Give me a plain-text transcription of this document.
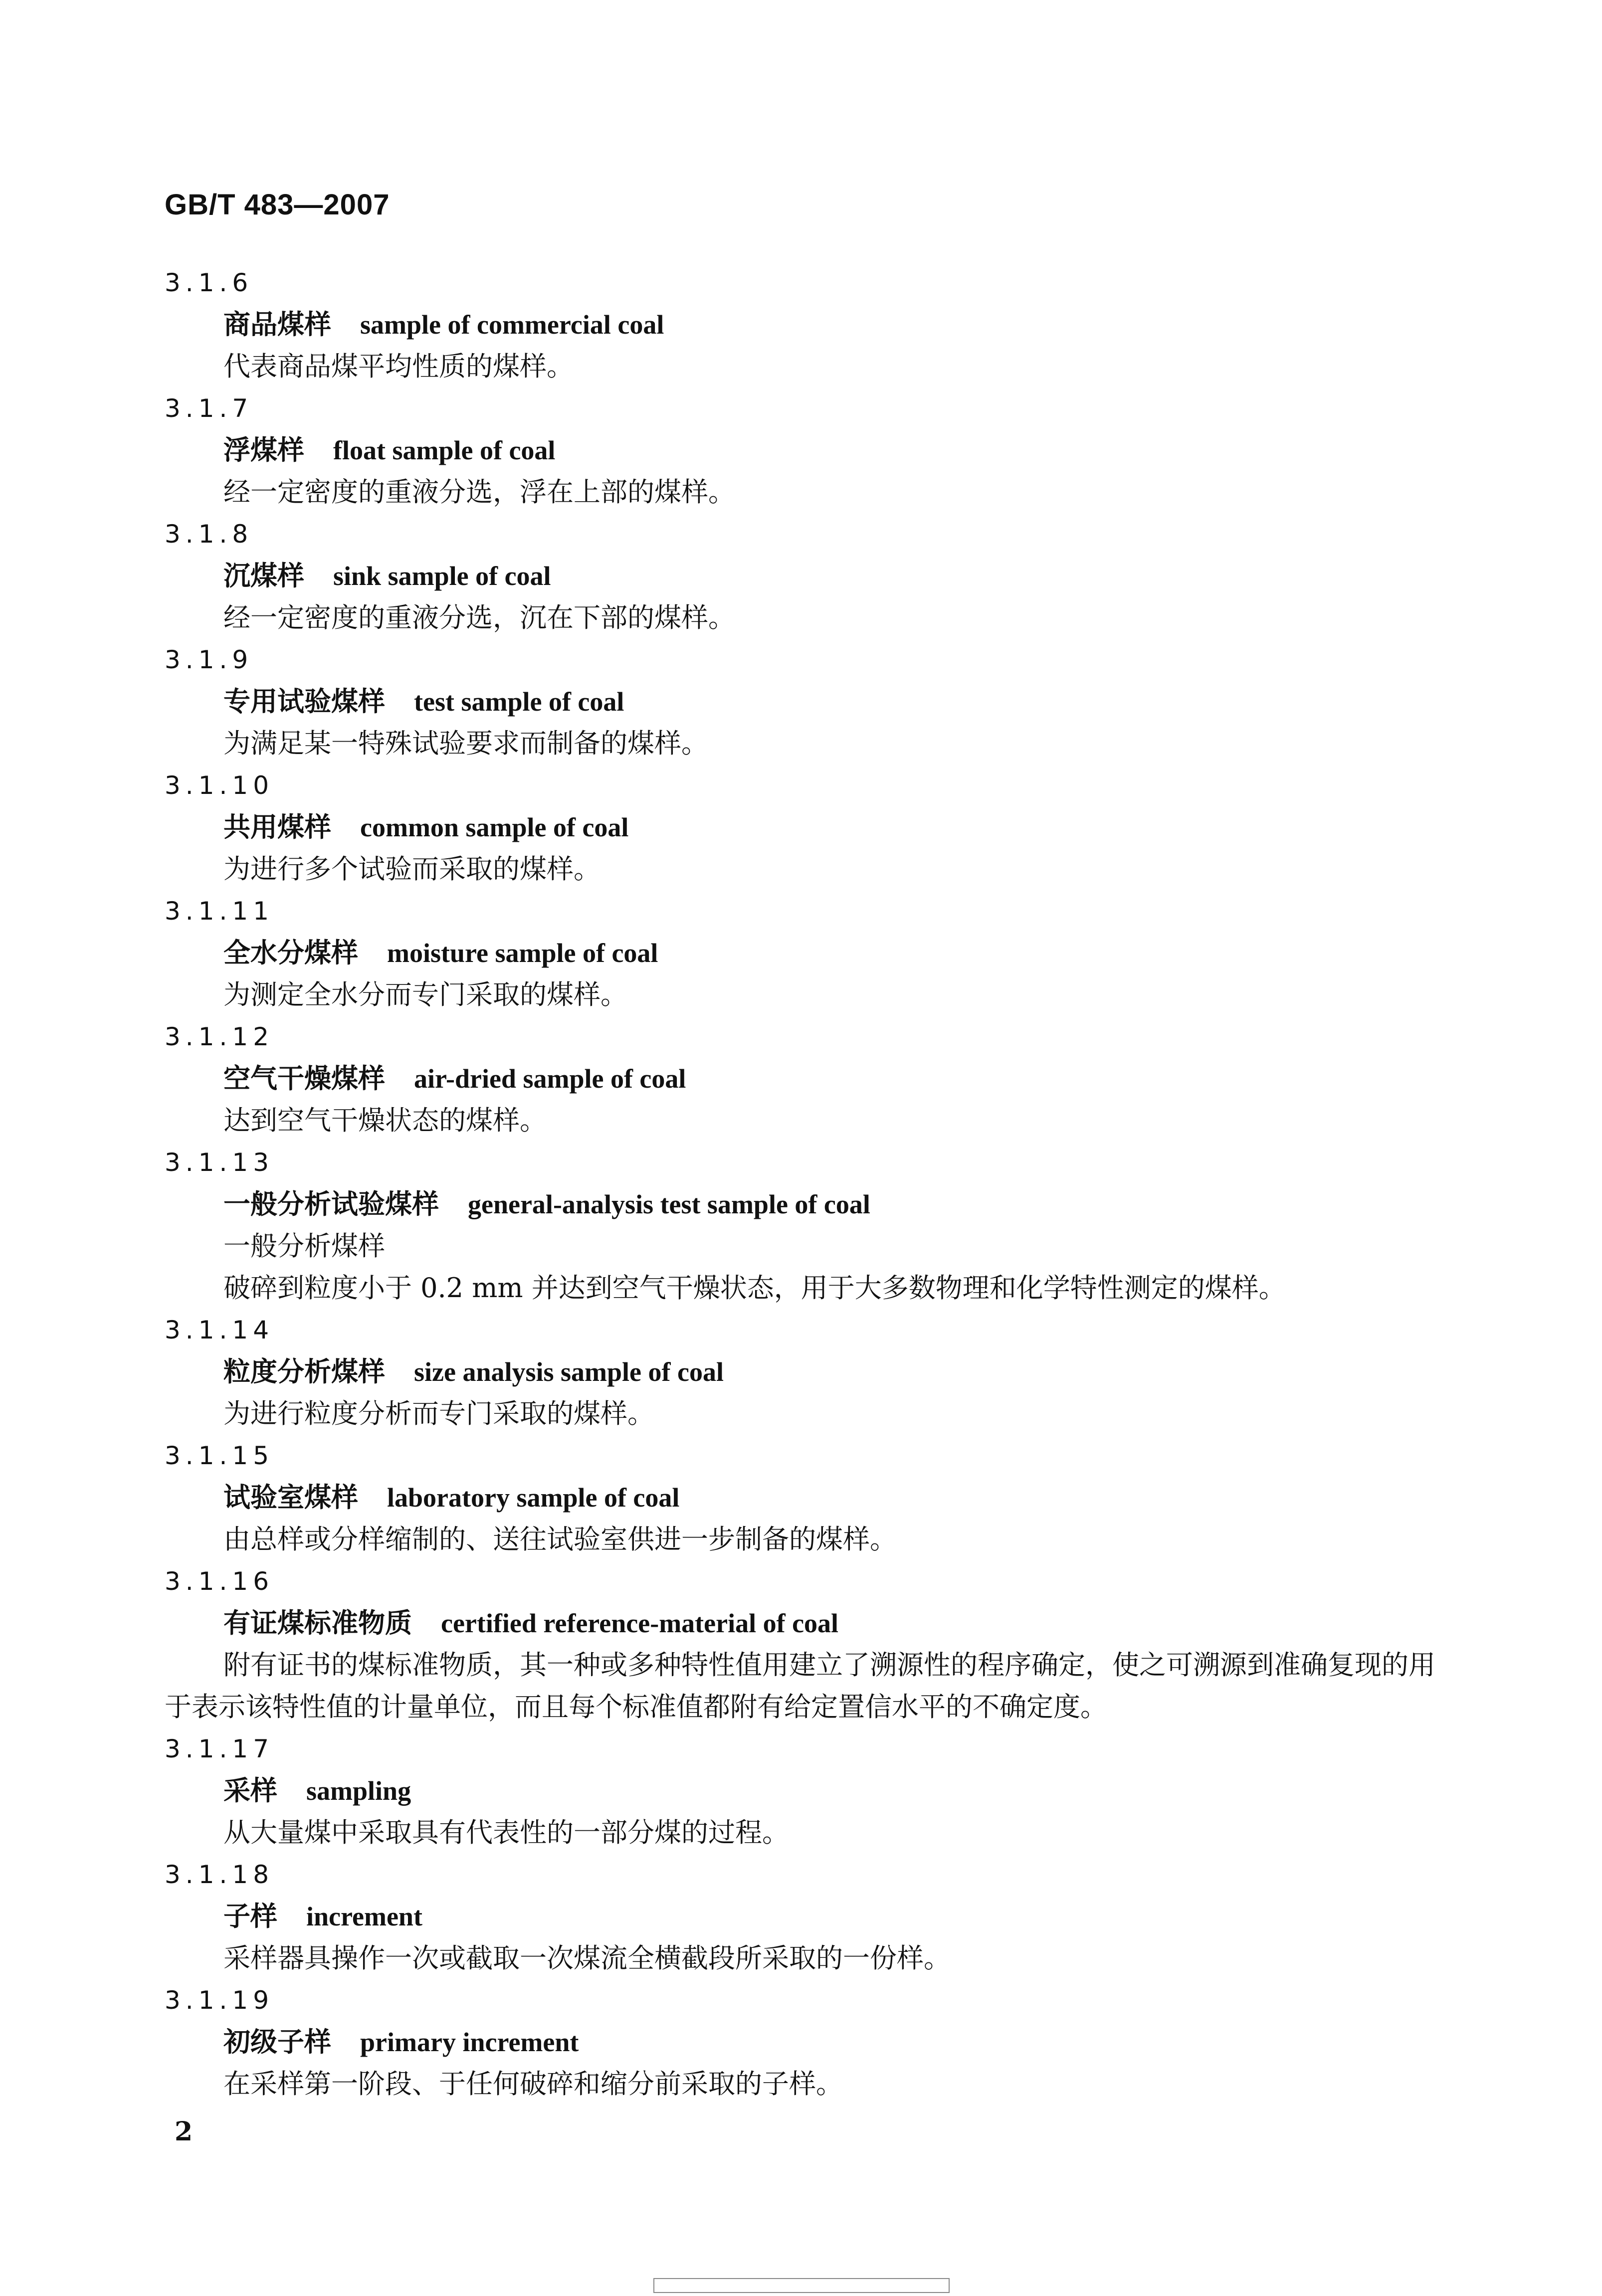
GB/T 483—2007
3.1.6
商品煤样 sample of commercial coal
代表商品煤平均性质的煤样。
3.1.7
浮煤样 float sample of coal
经一定密度的重液分选，浮在上部的煤样。
3.1.8
沉煤样 sink sample of coal
经一定密度的重液分选，沉在下部的煤样。
3.1.9
专用试验煤样 test sample of coal
为满足某一特殊试验要求而制备的煤样。
3.1.10
共用煤样 common sample of coal
为进行多个试验而采取的煤样。
3.1.11
全水分煤样 moisture sample of coal
为测定全水分而专门采取的煤样。
3.1.12
空气干燥煤样 air-dried sample of coal
达到空气干燥状态的煤样。
3.1.13
一般分析试验煤样 general-analysis test sample of coal
一般分析煤样
破碎到粒度小于 0.2 mm 并达到空气干燥状态，用于大多数物理和化学特性测定的煤样。
3.1.14
粒度分析煤样 size analysis sample of coal
为进行粒度分析而专门采取的煤样。
3.1.15
试验室煤样 laboratory sample of coal
由总样或分样缩制的、送往试验室供进一步制备的煤样。
3.1.16
有证煤标准物质 certified reference-material of coal
附有证书的煤标准物质，其一种或多种特性值用建立了溯源性的程序确定，使之可溯源到准确复现的用于表示该特性值的计量单位，而且每个标准值都附有给定置信水平的不确定度。
3.1.17
采样 sampling
从大量煤中采取具有代表性的一部分煤的过程。
3.1.18
子样 increment
采样器具操作一次或截取一次煤流全横截段所采取的一份样。
3.1.19
初级子样 primary increment
在采样第一阶段、于任何破碎和缩分前采取的子样。
2
